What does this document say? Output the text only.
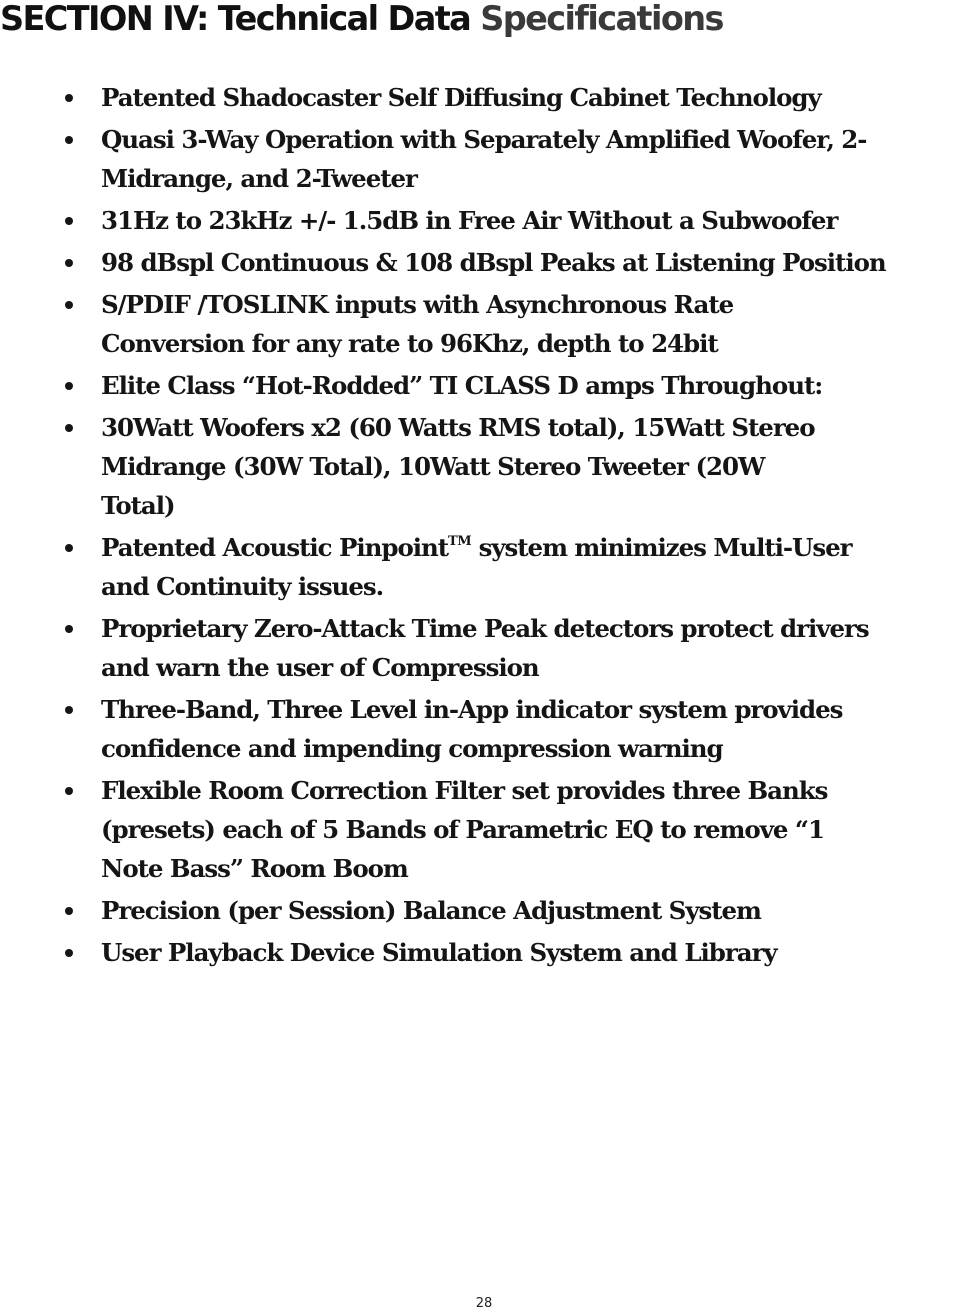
SECTION IV: Technical Data Specifications
Patented Shadocaster Self Diffusing Cabinet Technology
Quasi 3-Way Operation with Separately Amplified Woofer, 2-
Midrange, and 2-Tweeter
31Hz to 23kHz +/- 1.5dB in Free Air Without a Subwoofer
98 dBspl Continuous & 108 dBspl Peaks at Listening Position
S/PDIF /TOSLINK inputs with Asynchronous Rate
Conversion for any rate to 96Khz, depth to 24bit
Elite Class “Hot-Rodded” TI CLASS D amps Throughout:
30Watt Woofers x2 (60 Watts RMS total), 15Watt Stereo
Midrange (30W Total), 10Watt Stereo Tweeter (20W
Total)
Patented Acoustic Pinpoint™ system minimizes Multi-User
and Continuity issues.
Proprietary Zero-Attack Time Peak detectors protect drivers
and warn the user of Compression
Three-Band, Three Level in-App indicator system provides
confidence and impending compression warning
Flexible Room Correction Filter set provides three Banks
(presets) each of 5 Bands of Parametric EQ to remove “1
Note Bass” Room Boom
Precision (per Session) Balance Adjustment System
User Playback Device Simulation System and Library
28
